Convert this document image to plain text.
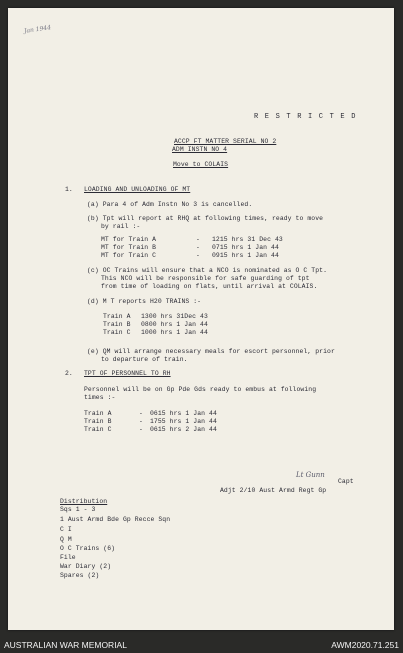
Jan 1944
R E S T R I C T E D
ACCP FT MATTER SERIAL NO 2
ADM INSTN NO 4
Move to COLAIS
1. LOADING AND UNLOADING OF MT
(a) Para 4 of Adm Instn No 3 is cancelled.
(b) Tpt will report at RHQ at following times, ready to move
by rail :-
MT for Train A	- 1215 hrs 31 Dec 43
MT for Train B	- 0715 hrs 1 Jan 44
MT for Train C	- 0915 hrs 1 Jan 44
(c) OC Trains will ensure that a NCO is nominated as O C Tpt.
This NCO will be responsible for safe guarding of tpt
from time of loading on flats, until arrival at COLAIS.
(d) M T reports H20 TRAINS :-
Train A 1300 hrs 31Dec 43
Train B 0800 hrs 1 Jan 44
Train C 1000 hrs 1 Jan 44
(e) QM will arrange necessary meals for escort personnel, prior
to departure of train.
2. TPT OF PERSONNEL TO RH
Personnel will be on Gp Pde Gds ready to embus at following
times :-
Train A	- 0615 hrs 1 Jan 44
Train B	- 1755 hrs 1 Jan 44
Train C	- 0615 hrs 2 Jan 44
Lt Gunn
Capt
Adjt 2/10 Aust Armd Regt Gp
Distribution
Sqs 1 - 3
1 Aust Armd Bde Gp Recce Sqn
C I
Q M
O C Trains (6)
File
War Diary (2)
Spares (2)
AUSTRALIAN WAR MEMORIAL	AWM2020.71.251
